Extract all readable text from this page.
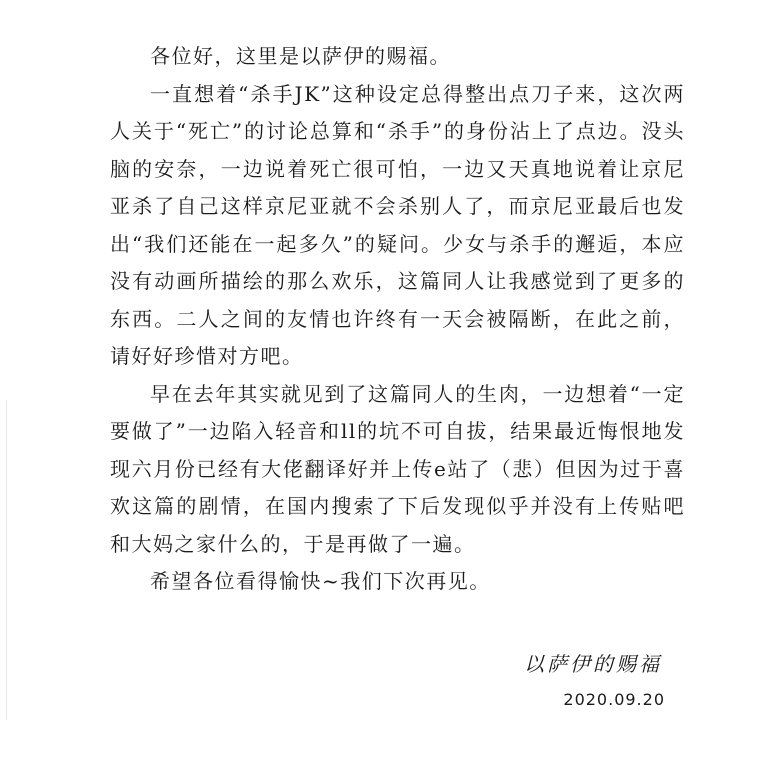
各位好，这里是以萨伊的赐福。

一直想着“杀手JK”这种设定总得整出点刀子来，这次两人关于“死亡”的讨论总算和“杀手”的身份沾上了点边。没头脑的安奈，一边说着死亡很可怕，一边又天真地说着让京尼亚杀了自己这样京尼亚就不会杀别人了，而京尼亚最后也发出“我们还能在一起多久”的疑问。少女与杀手的邂逅，本应没有动画所描绘的那么欢乐，这篇同人让我感觉到了更多的东西。二人之间的友情也许终有一天会被隔断，在此之前，请好好珍惜对方吧。

早在去年其实就见到了这篇同人的生肉，一边想着“一定要做了”一边陷入轻音和ll的坑不可自拔，结果最近悔恨地发现六月份已经有大佬翻译好并上传e站了（悲）但因为过于喜欢这篇的剧情，在国内搜索了下后发现似乎并没有上传贴吧和大妈之家什么的，于是再做了一遍。

希望各位看得愉快~我们下次再见。

以萨伊的赐福
2020.09.20
